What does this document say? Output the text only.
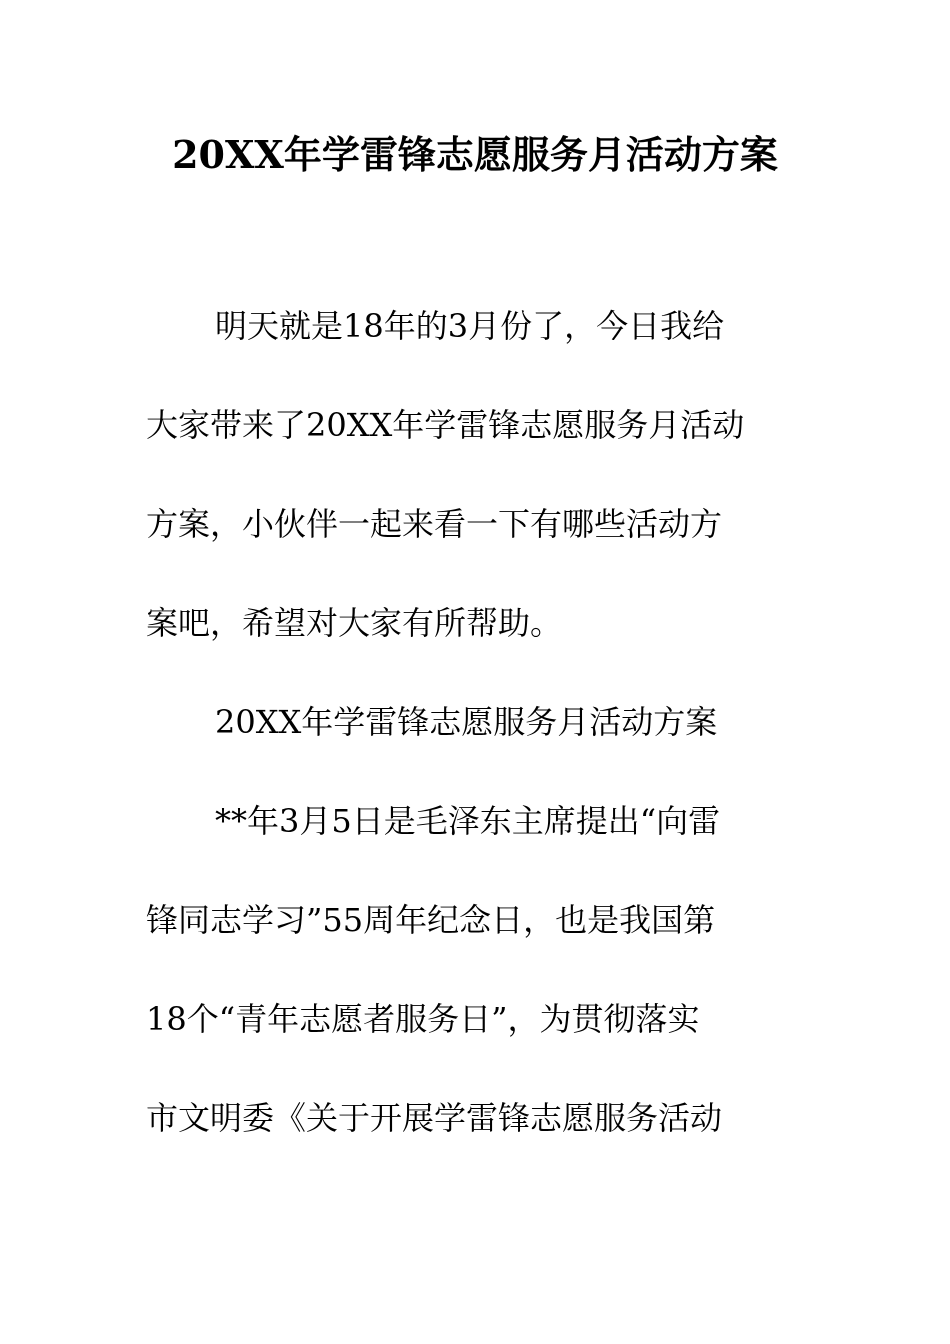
20XX年学雷锋志愿服务月活动方案
明天就是18年的3月份了，今日我给
大家带来了20XX年学雷锋志愿服务月活动
方案，小伙伴一起来看一下有哪些活动方
案吧，希望对大家有所帮助。
20XX年学雷锋志愿服务月活动方案
**年3月5日是毛泽东主席提出“向雷
锋同志学习”55周年纪念日，也是我国第
18个“青年志愿者服务日”，为贯彻落实
市文明委《关于开展学雷锋志愿服务活动
